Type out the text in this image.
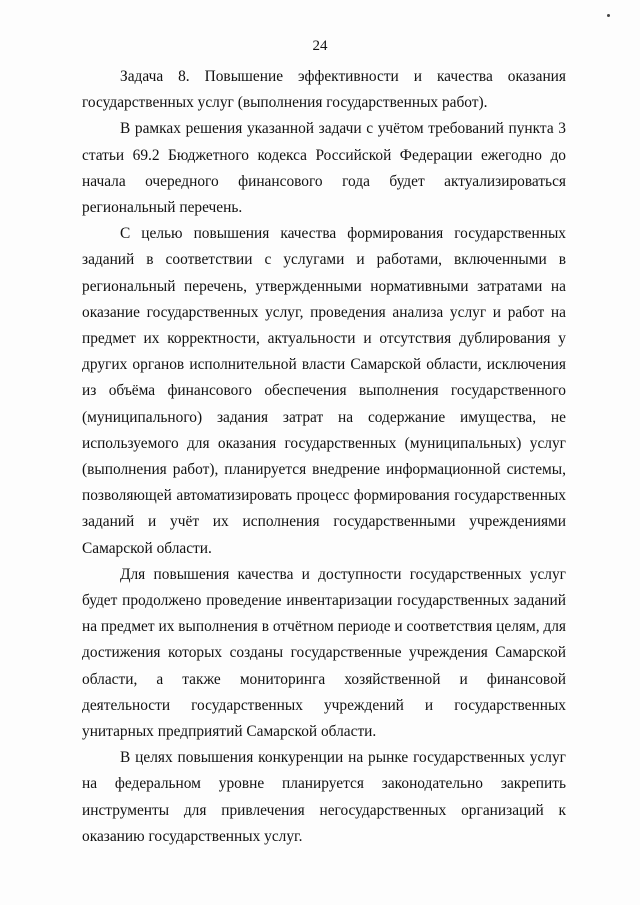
24

Задача 8. Повышение эффективности и качества оказания государственных услуг (выполнения государственных работ).

В рамках решения указанной задачи с учётом требований пункта 3 статьи 69.2 Бюджетного кодекса Российской Федерации ежегодно до начала очередного финансового года будет актуализироваться региональный перечень.

С целью повышения качества формирования государственных заданий в соответствии с услугами и работами, включенными в региональный перечень, утвержденными нормативными затратами на оказание государственных услуг, проведения анализа услуг и работ на предмет их корректности, актуальности и отсутствия дублирования у других органов исполнительной власти Самарской области, исключения из объёма финансового обеспечения выполнения государственного (муниципального) задания затрат на содержание имущества, не используемого для оказания государственных (муниципальных) услуг (выполнения работ), планируется внедрение информационной системы, позволяющей автоматизировать процесс формирования государственных заданий и учёт их исполнения государственными учреждениями Самарской области.

Для повышения качества и доступности государственных услуг будет продолжено проведение инвентаризации государственных заданий на предмет их выполнения в отчётном периоде и соответствия целям, для достижения которых созданы государственные учреждения Самарской области, а также мониторинга хозяйственной и финансовой деятельности государственных учреждений и государственных унитарных предприятий Самарской области.

В целях повышения конкуренции на рынке государственных услуг на федеральном уровне планируется законодательно закрепить инструменты для привлечения негосударственных организаций к оказанию государственных услуг.
